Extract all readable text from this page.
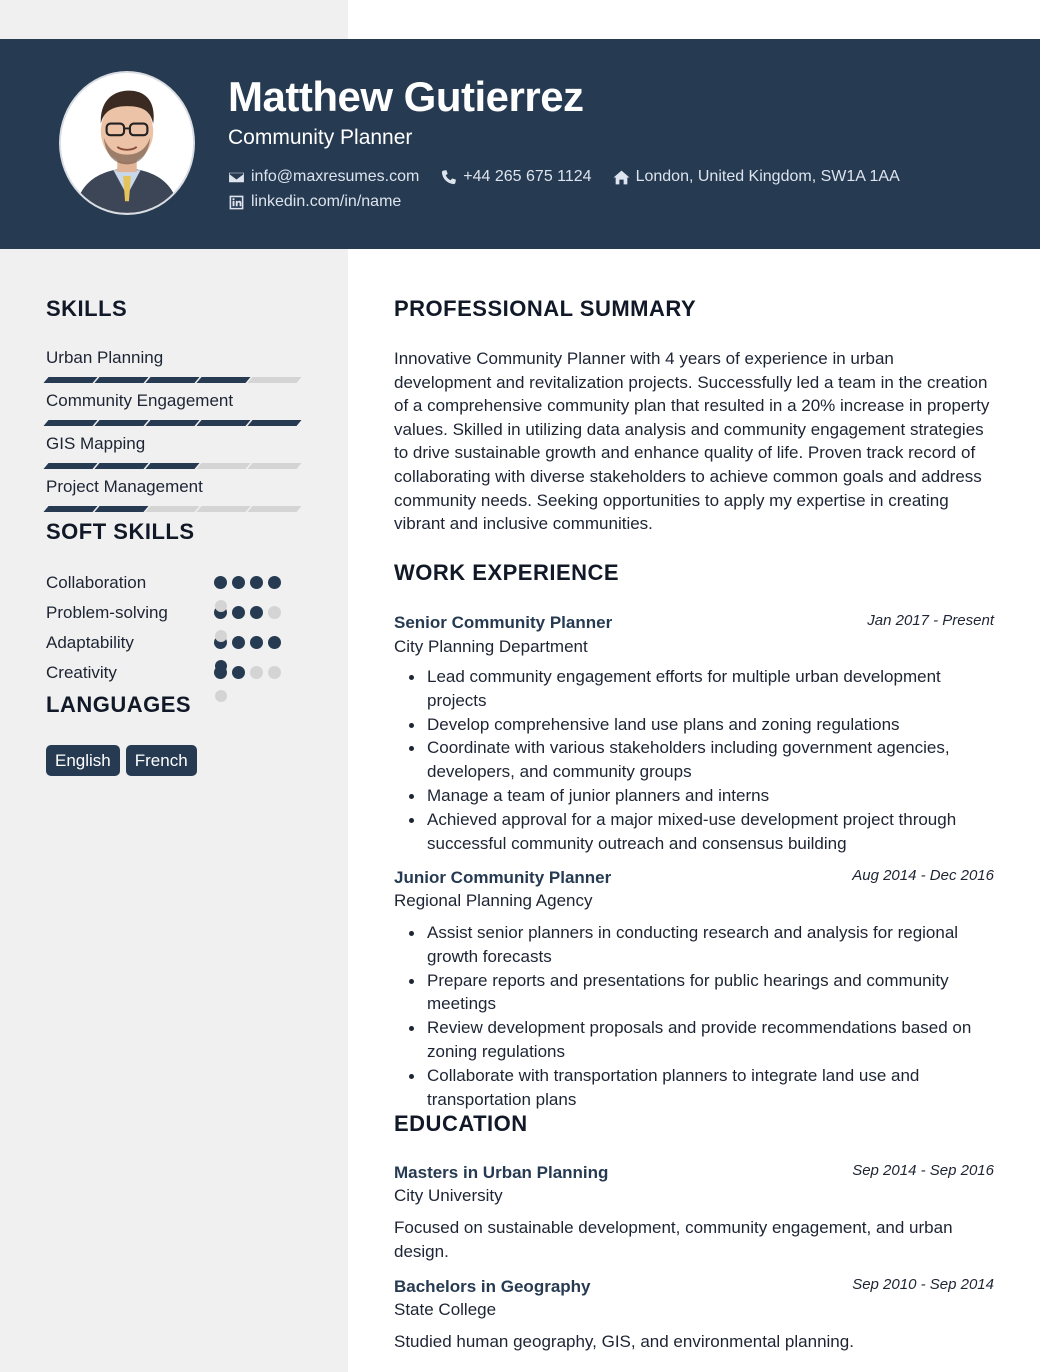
Matthew Gutierrez
Community Planner
info@maxresumes.com	+44 265 675 1124	London, United Kingdom, SW1A 1AA
linkedin.com/in/name
SKILLS
Urban Planning
Community Engagement
GIS Mapping
Project Management
SOFT SKILLS
Collaboration
Problem-solving
Adaptability
Creativity
LANGUAGES
English	French
PROFESSIONAL SUMMARY
Innovative Community Planner with 4 years of experience in urban development and revitalization projects. Successfully led a team in the creation of a comprehensive community plan that resulted in a 20% increase in property values. Skilled in utilizing data analysis and community engagement strategies to drive sustainable growth and enhance quality of life. Proven track record of collaborating with diverse stakeholders to achieve common goals and address community needs. Seeking opportunities to apply my expertise in creating vibrant and inclusive communities.
WORK EXPERIENCE
Senior Community Planner	Jan 2017 - Present
City Planning Department
Lead community engagement efforts for multiple urban development projects
Develop comprehensive land use plans and zoning regulations
Coordinate with various stakeholders including government agencies, developers, and community groups
Manage a team of junior planners and interns
Achieved approval for a major mixed-use development project through successful community outreach and consensus building
Junior Community Planner	Aug 2014 - Dec 2016
Regional Planning Agency
Assist senior planners in conducting research and analysis for regional growth forecasts
Prepare reports and presentations for public hearings and community meetings
Review development proposals and provide recommendations based on zoning regulations
Collaborate with transportation planners to integrate land use and transportation plans
EDUCATION
Masters in Urban Planning	Sep 2014 - Sep 2016
City University
Focused on sustainable development, community engagement, and urban design.
Bachelors in Geography	Sep 2010 - Sep 2014
State College
Studied human geography, GIS, and environmental planning.
